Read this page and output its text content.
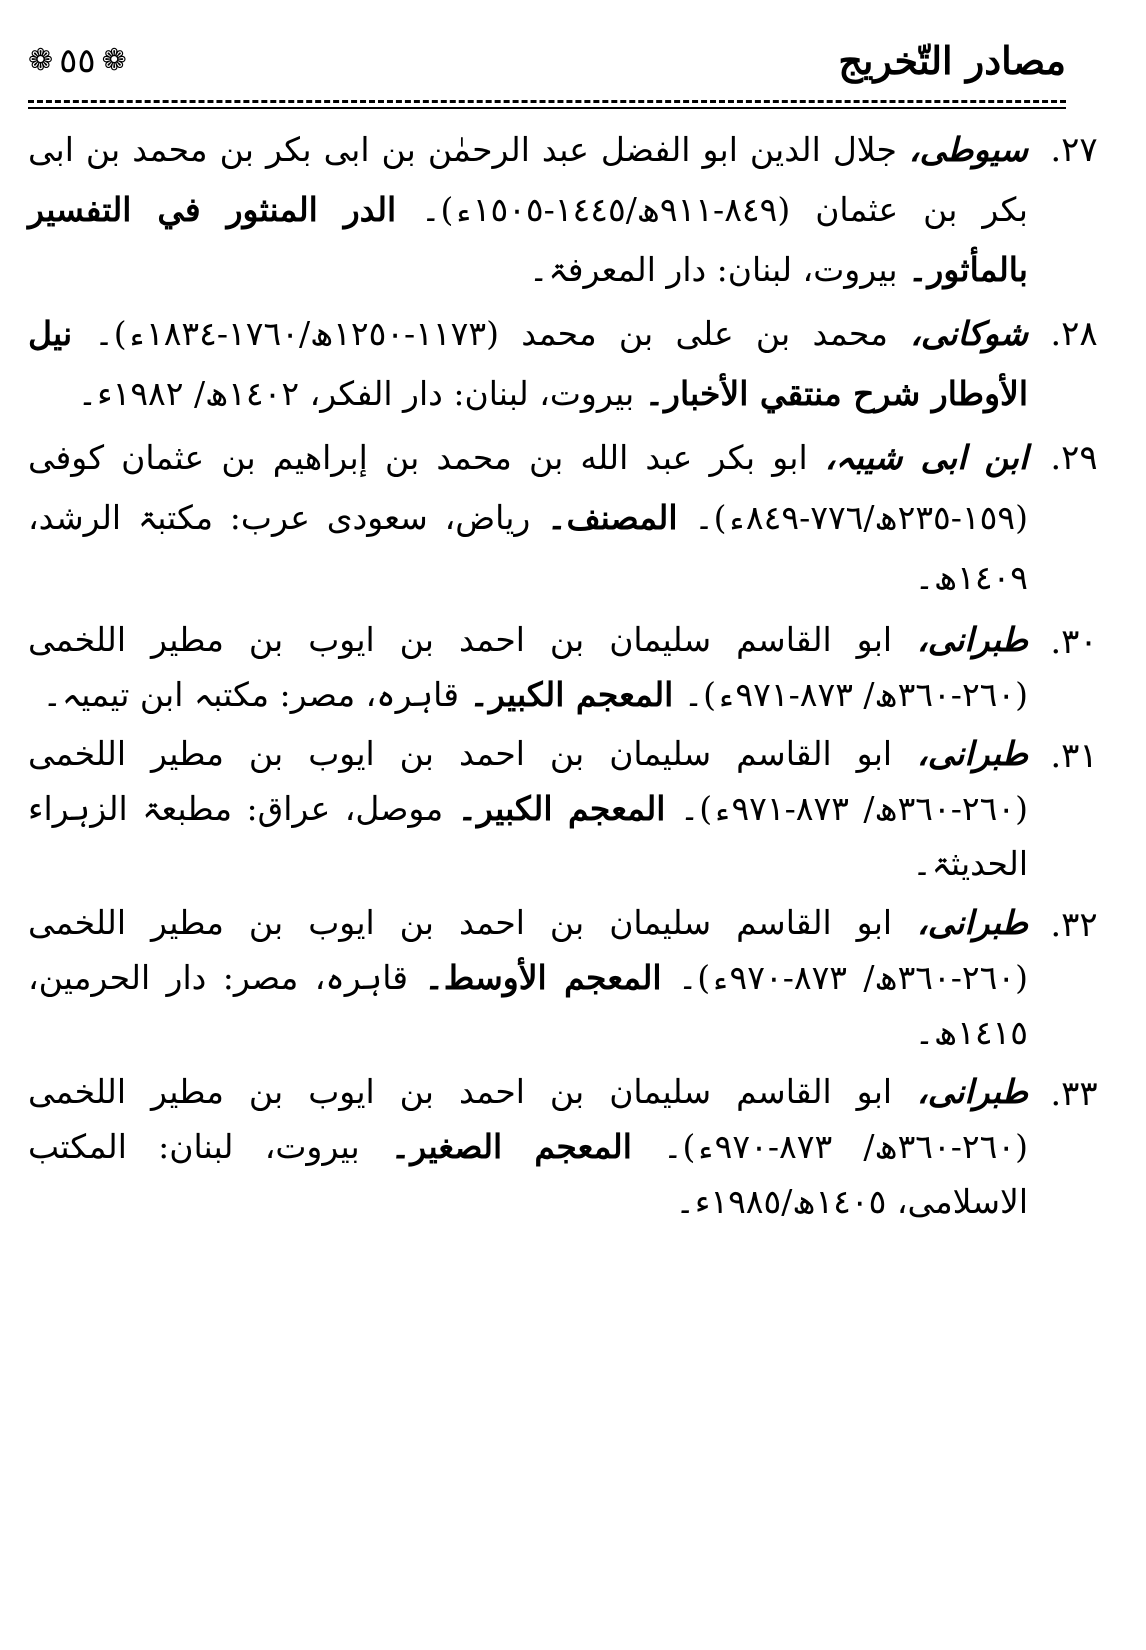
مصادر التّخريج
❁ ٥٥ ❁
٢٧.
سیوطی، جلال الدين ابو الفضل عبد الرحمٰن بن ابی بکر بن محمد بن ابی بکر بن عثمان (٨٤٩-٩١١ھ/١٤٤٥-١٥٠٥ء)۔ الدر المنثور في التفسير بالمأثور۔ بیروت، لبنان: دار المعرفۃ۔
٢٨.
شوکانی، محمد بن علی بن محمد (١١٧٣-١٢٥٠ھ/١٧٦٠-١٨٣٤ء)۔ نیل الأوطار شرح منتقي الأخبار۔ بیروت، لبنان: دار الفکر، ١٤٠٢ھ/ ١٩٨٢ء۔
٢٩.
ابن ابی شیبہ، ابو بکر عبد الله بن محمد بن إبراهيم بن عثمان کوفی (١٥٩-٢٣٥ھ/٧٧٦-٨٤٩ء)۔ المصنف۔ ریاض، سعودی عرب: مکتبۃ الرشد، ١٤٠٩ھ۔
٣٠.
طبرانی، ابو القاسم سلیمان بن احمد بن ایوب بن مطیر اللخمی (٢٦٠-٣٦٠ھ/ ٨٧٣-٩٧١ء)۔ المعجم الكبير۔ قاہرہ، مصر: مکتبہ ابن تیمیہ۔
٣١.
طبرانی، ابو القاسم سلیمان بن احمد بن ایوب بن مطیر اللخمی (٢٦٠-٣٦٠ھ/ ٨٧٣-٩٧١ء)۔ المعجم الكبير۔ موصل، عراق: مطبعۃ الزہراء الحدیثۃ۔
٣٢.
طبرانی، ابو القاسم سلیمان بن احمد بن ایوب بن مطیر اللخمی (٢٦٠-٣٦٠ھ/ ٨٧٣-٩٧٠ء)۔ المعجم الأوسط۔ قاہرہ، مصر: دار الحرمین، ١٤١٥ھ۔
٣٣.
طبرانی، ابو القاسم سلیمان بن احمد بن ایوب بن مطیر اللخمی (٢٦٠-٣٦٠ھ/ ٨٧٣-٩٧٠ء)۔ المعجم الصغير۔ بیروت، لبنان: المکتب الاسلامی، ١٤٠٥ھ/١٩٨٥ء۔
